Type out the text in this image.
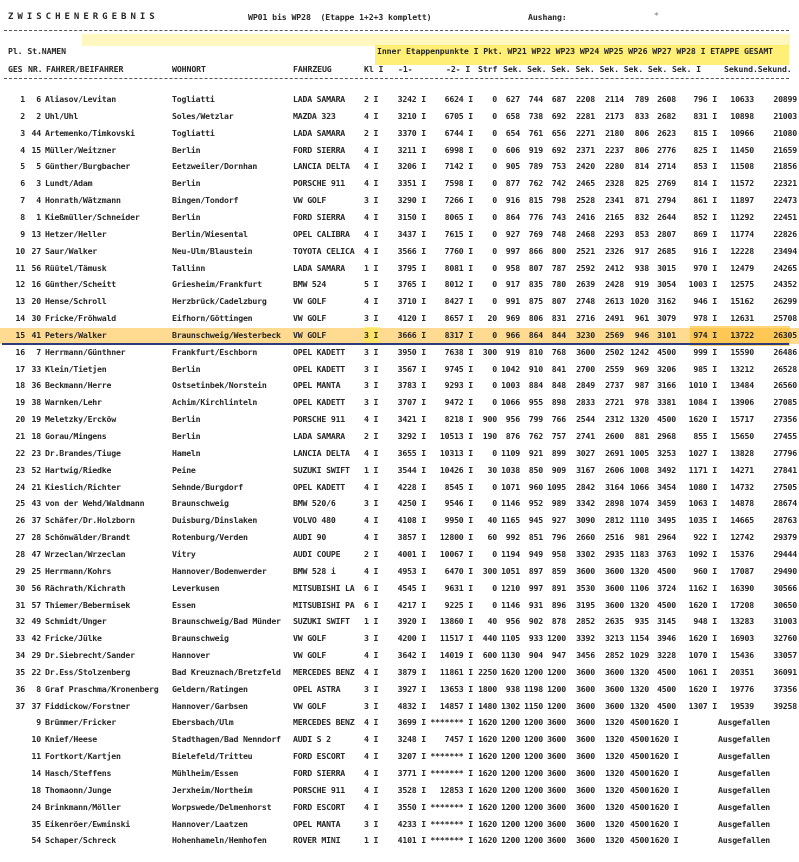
ZWISCHENERGEBNIS	WP01 bis WP28  (Etappe 1+2+3 komplett)	Aushang:	*
Pl. St.NAMEN	Inner Etappenpunkte I Pkt. WP21 WP22 WP23 WP24 WP25 WP26 WP27 WP28 I ETAPPE GESAMT
GES NR. FAHRER/BEIFAHRER	WOHNORT	FAHRZEUG	Kl I -1-	-2- I Strf Sek. Sek. Sek. Sek. Sek. Sek. Sek. Sek. I	Sekund.Sekund.
1	6 Aliasov/Levitan	Togliatti	LADA SAMARA	2 I	3242 I	6624 I	0	627	744	687	2208	2114	789 2608	796 I	10633	20899
2	2 Uhl/Uhl	Soles/Wetzlar	MAZDA 323	4 I	3210 I	6705 I	0	658	738	692	2281	2173	833 2682	831 I	10898	21003
3 44 Artemenko/Timkovski	Togliatti	LADA SAMARA	2 I	3370 I	6744 I	0	654	761	656	2271	2180	806 2623	815 I	10966	21080
4 15 Müller/Weitzner	Berlin	FORD SIERRA	4 I	3211 I	6998 I	0	606	919	692	2371	2237	806 2776	825 I	11450	21659
5	5 Günther/Burgbacher	Eetzweiler/Dornhan	LANCIA DELTA	4 I	3206 I	7142 I	0	905	789	753	2420	2280	814 2714	853 I	11508	21856
6	3 Lundt/Adam	Berlin	PORSCHE 911	4 I	3351 I	7598 I	0	877	762	742	2465	2328	825 2769	814 I	11572	22321
7	4 Honrath/Wätzmann	Bingen/Tondorf	VW GOLF	3 I	3290 I	7266 I	0	916	815	798	2528	2341	871 2794	861 I	11897	22473
8	1 Kießmüller/Schneider	Berlin	FORD SIERRA	4 I	3150 I	8065 I	0	864	776	743	2416	2165	832 2644	852 I	11292	22451
9 13 Hetzer/Heller	Berlin/Wiesental	OPEL CALIBRA	4 I	3437 I	7615 I	0	927	769	748	2468	2293	853 2807	869 I	11774	22826
10 27 Saur/Walker	Neu-Ulm/Blaustein	TOYOTA CELICA	4 I	3566 I	7760 I	0	997	866	800	2521	2326	917 2685	916 I	12228	23494
11 56 Rüütel/Tämusk	Tallinn	LADA SAMARA	1 I	3795 I	8081 I	0	958	807	787	2592	2412	938 3015	970 I	12479	24265
12 16 Günther/Scheitt	Griesheim/Frankfurt	BMW 524	5 I	3765 I	8012 I	0	917	835	780	2639	2428	919 3054	1003 I	12575	24352
13 20 Hense/Schroll	Herzbrück/Cadelzburg	VW GOLF	4 I	3710 I	8427 I	0	991	875	807	2748	2613 1020 3162	946 I	15162	26299
14 30 Fricke/Fröhwald	Eifhorn/Göttingen	VW GOLF	3 I	4120 I	8657 I	20	969	806	831	2716	2491	961 3079	978 I	12631	25708
15 41 Peters/Walker	Braunschweig/Westerbeck	VW GOLF	3 I	3666 I	8317 I	0	966	864	844	3230	2569	946 3101	974 I	13722	26305
16	7 Herrmann/Günthner	Frankfurt/Eschborn	OPEL KADETT	3 I	3950 I	7638 I	300	919	810	768	3600	2502 1242 4500	999 I	15590	26486
17 33 Klein/Tietjen	Berlin	OPEL KADETT	3 I	3567 I	9745 I	0 1042	910	841	2700	2559	969 3206	985 I	13212	26528
18 36 Beckmann/Herre	Ostsetinbek/Norstein	OPEL MANTA	3 I	3783 I	9293 I	0 1003	884	848	2849	2737	987 3166	1010 I	13484	26560
19 38 Warnken/Lehr	Achim/Kirchlinteln	OPEL KADETT	3 I	3707 I	9472 I	0 1066	955	898	2833	2721	978 3381	1084 I	13906	27085
20 19 Meletzky/Ercköw	Berlin	PORSCHE 911	4 I	3421 I	8218 I	900	956	799	766	2544	2312 1320 4500	1620 I	15717	27356
21 18 Gorau/Mingens	Berlin	LADA SAMARA	2 I	3292 I	10513 I	190	876	762	757	2741	2600	881 2968	855 I	15650	27455
22 23 Dr.Brandes/Tiuge	Hameln	LANCIA DELTA	4 I	3655 I	10313 I	0 1109	921	899	3027	2691 1005 3253	1027 I	13828	27796
23 52 Hartwig/Riedke	Peine	SUZUKI SWIFT	1 I	3544 I	10426 I	30 1038	850	909	3167	2606 1008 3492	1171 I	14271	27841
24 21 Kieslich/Richter	Sehnde/Burgdorf	OPEL KADETT	4 I	4228 I	8545 I	0 1071	960 1095	2842	3164 1066 3454	1080 I	14732	27505
25 43 von der Wehd/Waldmann	Braunschweig	BMW 520/6	3 I	4250 I	9546 I	0 1146	952	989	3342	2898 1074 3459	1063 I	14878	28674
26 37 Schäfer/Dr.Holzborn	Duisburg/Dinslaken	VOLVO 480	4 I	4108 I	9950 I	40 1165	945	927	3090	2812 1110 3495	1035 I	14665	28763
27 28 Schönwälder/Brandt	Rotenburg/Verden	AUDI 90	4 I	3857 I	12800 I	60	992	851	796	2660	2516	981 2964	922 I	12742	29379
28 47 Wrzeclan/Wrzeclan	Vitry	AUDI COUPE	2 I	4001 I	10067 I	0 1194	949	958	3302	2935 1183 3763	1092 I	15376	29444
29 25 Herrmann/Kohrs	Hannover/Bodenwerder	BMW 528 i	4 I	4953 I	6470 I	300 1051	897	859	3600	3600 1320 4500	960 I	17087	29490
30 56 Rächrath/Kichrath	Leverkusen	MITSUBISHI LA	6 I	4545 I	9631 I	0 1210	997	891	3530	3600 1106 3724	1162 I	16390	30566
31 57 Thiemer/Bebermisek	Essen	MITSUBISHI PA	6 I	4217 I	9225 I	0 1146	931	896	3195	3600 1320 4500	1620 I	17208	30650
32 49 Schmidt/Unger	Braunschweig/Bad Münder	SUZUKI SWIFT	1 I	3920 I	13860 I	40	956	902	878	2852	2635	935 3145	948 I	13283	31003
33 42 Fricke/Jülke	Braunschweig	VW GOLF	3 I	4200 I	11517 I	440 1105	933 1200	3392	3213 1154 3946	1620 I	16903	32760
34 29 Dr.Siebrecht/Sander	Hannover	VW GOLF	4 I	3642 I	14019 I	600 1130	904	947	3456	2852 1029 3228	1070 I	15436	33057
35 22 Dr.Ess/Stolzenberg	Bad Kreuznach/Bretzfeld	MERCEDES BENZ	4 I	3879 I	11861 I 2250 1620 1200 1200	3600	3600 1320 4500	1061 I	20351	36091
36	8 Graf Praschma/Kronenberg	Geldern/Ratingen	OPEL ASTRA	3 I	3927 I	13653 I 1800	938 1198 1200	3600	3600 1320 4500	1620 I	19776	37356
37 37 Fiddickow/Forstner	Hannover/Garbsen	VW GOLF	3 I	4832 I	14857 I 1480 1302 1150 1200	3600	3600 1320 4500	1307 I	19539	39258
9 Brümmer/Fricker	Ebersbach/Ulm	MERCEDES BENZ	4 I	3699 I ******* I 1620 1200 1200 3600	3600	1320 4500 1620 I	Ausgefallen
10 Knief/Heese	Stadthagen/Bad Nenndorf	AUDI S 2	4 I	3248 I	7457 I 1620 1200 1200 3600	3600	1320 4500 1620 I	Ausgefallen
11 Fortkort/Kartjen	Bielefeld/Tritteu	FORD ESCORT	4 I	3207 I ******* I 1620 1200 1200 3600	3600	1320 4500 1620 I	Ausgefallen
14 Hasch/Steffens	Mühlheim/Essen	FORD SIERRA	4 I	3771 I ******* I 1620 1200 1200 3600	3600	1320 4500 1620 I	Ausgefallen
18 Thomaonn/Junge	Jerxheim/Northeim	PORSCHE 911	4 I	3528 I	12853 I 1620 1200 1200 3600	3600	1320 4500 1620 I	Ausgefallen
24 Brinkmann/Möller	Worpswede/Delmenhorst	FORD ESCORT	4 I	3550 I ******* I 1620 1200 1200 3600	3600	1320 4500 1620 I	Ausgefallen
35 Eikenröer/Ewminski	Hannover/Laatzen	OPEL MANTA	3 I	4233 I ******* I 1620 1200 1200 3600	3600	1320 4500 1620 I	Ausgefallen
54 Schaper/Schreck	Hohenhameln/Hemhofen	ROVER MINI	1 I	4101 I ******* I 1620 1200 1200 3600	3600	1320 4500 1620 I	Ausgefallen
